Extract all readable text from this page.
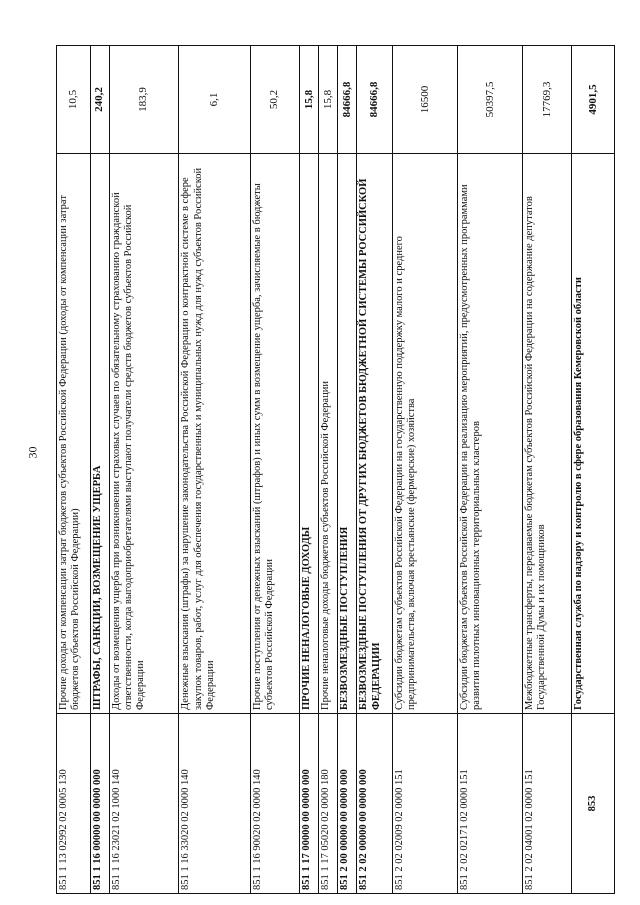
30
851 1 13 02992 02 0005 130	Прочие доходы от компенсации затрат бюджетов субъектов Российской Федерации (доходы от компенсации затрат бюджетов субъектов Российской Федерации)	10,5
851 1 16 00000 00 0000 000	ШТРАФЫ, САНКЦИИ, ВОЗМЕЩЕНИЕ УЩЕРБА	240,2
851 1 16 23021 02 1000 140	Доходы от возмещения ущерба при возникновении страховых случаев по обязательному страхованию гражданской ответственности, когда выгодоприобретателями выступают получатели средств бюджетов субъектов Российской Федерации	183,9
851 1 16 33020 02 0000 140	Денежные взыскания (штрафы) за нарушение законодательства Российской Федерации о контрактной системе в сфере закупок товаров, работ, услуг для обеспечения государственных и муниципальных нужд для нужд субъектов Российской Федерации	6,1
851 1 16 90020 02 0000 140	Прочие поступления от денежных взысканий (штрафов) и иных сумм в возмещение ущерба, зачисляемые в бюджеты субъектов Российской Федерации	50,2
851 1 17 00000 00 0000 000	ПРОЧИЕ НЕНАЛОГОВЫЕ ДОХОДЫ	15,8
851 1 17 05020 02 0000 180	Прочие неналоговые доходы бюджетов субъектов Российской Федерации	15,8
851 2 00 00000 00 0000 000	БЕЗВОЗМЕЗДНЫЕ ПОСТУПЛЕНИЯ	84666,8
851 2 02 00000 00 0000 000	БЕЗВОЗМЕЗДНЫЕ ПОСТУПЛЕНИЯ ОТ ДРУГИХ БЮДЖЕТОВ БЮДЖЕТНОЙ СИСТЕМЫ РОССИЙСКОЙ ФЕДЕРАЦИИ	84666,8
851 2 02 02009 02 0000 151	Субсидии бюджетам субъектов Российской Федерации на государственную поддержку малого и среднего предпринимательства, включая крестьянские (фермерские) хозяйства	16500
851 2 02 02171 02 0000 151	Субсидии бюджетам субъектов Российской Федерации на реализацию мероприятий, предусмотренных программами развития пилотных инновационных территориальных кластеров	50397,5
851 2 02 04001 02 0000 151	Межбюджетные трансферты, передаваемые бюджетам субъектов Российской Федерации на содержание депутатов Государственной Думы и их помощников	17769,3
853	Государственная служба по надзору и контролю в сфере образования Кемеровской области	4901,5
